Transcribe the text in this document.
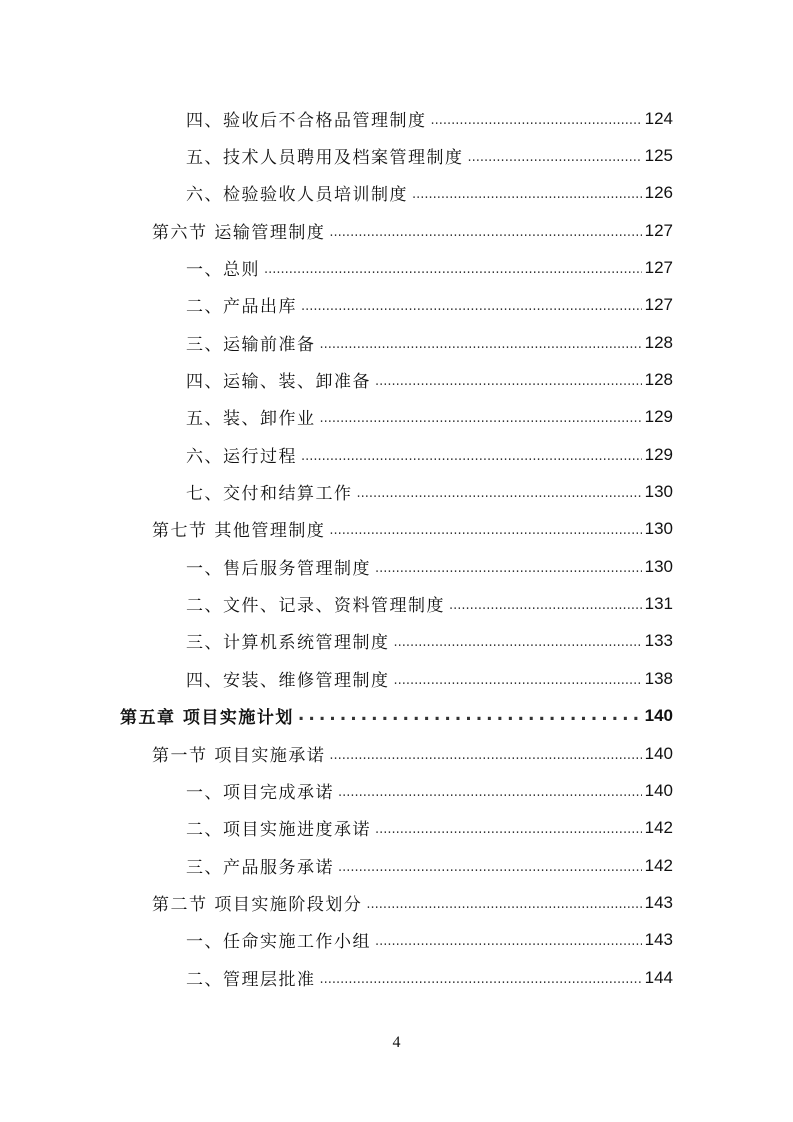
四、验收后不合格品管理制度 .....	124
五、技术人员聘用及档案管理制度 .....	125
六、检验验收人员培训制度 .....	126
第六节 运输管理制度 .....	127
一、总则 .....	127
二、产品出库 .....	127
三、运输前准备 .....	128
四、运输、装、卸准备 .....	128
五、装、卸作业 .....	129
六、运行过程 .....	129
七、交付和结算工作 .....	130
第七节 其他管理制度 .....	130
一、售后服务管理制度 .....	130
二、文件、记录、资料管理制度 .....	131
三、计算机系统管理制度 .....	133
四、安装、维修管理制度 .....	138
第五章 项目实施计划 .....	140
第一节 项目实施承诺 .....	140
一、项目完成承诺 .....	140
二、项目实施进度承诺 .....	142
三、产品服务承诺 .....	142
第二节 项目实施阶段划分 .....	143
一、任命实施工作小组 .....	143
二、管理层批准 .....	144
4
